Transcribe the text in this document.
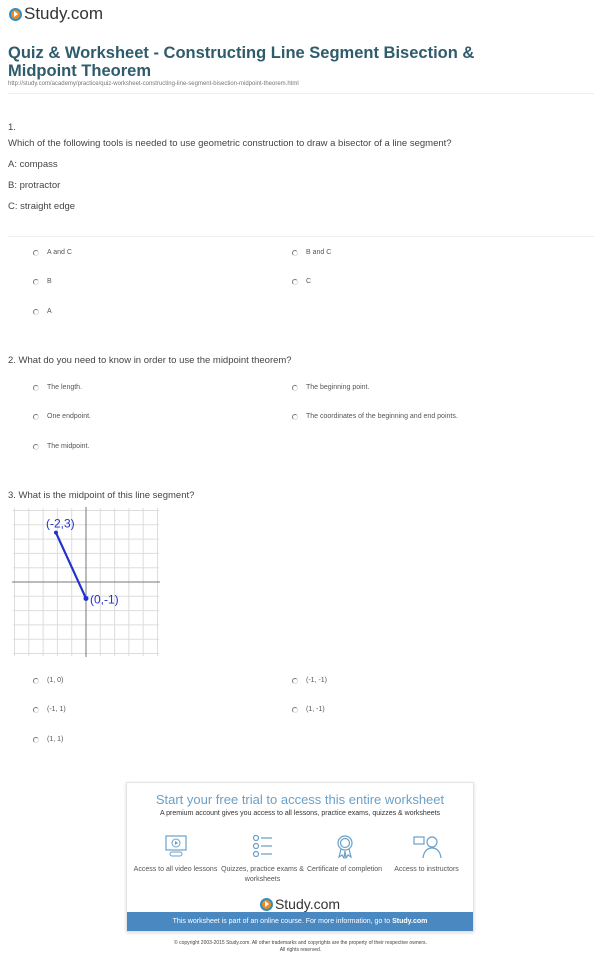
Study.com
Quiz & Worksheet - Constructing Line Segment Bisection & Midpoint Theorem
http://study.com/academy/practice/quiz-worksheet-constructing-line-segment-bisection-midpoint-theorem.html
1.
Which of the following tools is needed to use geometric construction to draw a bisector of a line segment?
A: compass
B: protractor
C: straight edge
A and C	B and C
B	C
A
The length.	The beginning point.
One endpoint.	The coordinates of the beginning and end points.
The midpoint.
(1, 0)	(-1, -1)
(-1, 1)	(1, -1)
(1, 1)
2. What do you need to know in order to use the midpoint theorem?
3. What is the midpoint of this line segment?
(-2,3)
(0,-1)
Start your free trial to access this entire worksheet
A premium account gives you access to all lessons, practice exams, quizzes & worksheets
Access to all video lessons Quizzes, practice exams & worksheets
Certificate of completion	Access to instructors
Study.com
This worksheet is part of an online course. For more information, go to Study.com
© copyright 2003-2015 Study.com. All other trademarks and copyrights are the property of their respective owners.
All rights reserved.
